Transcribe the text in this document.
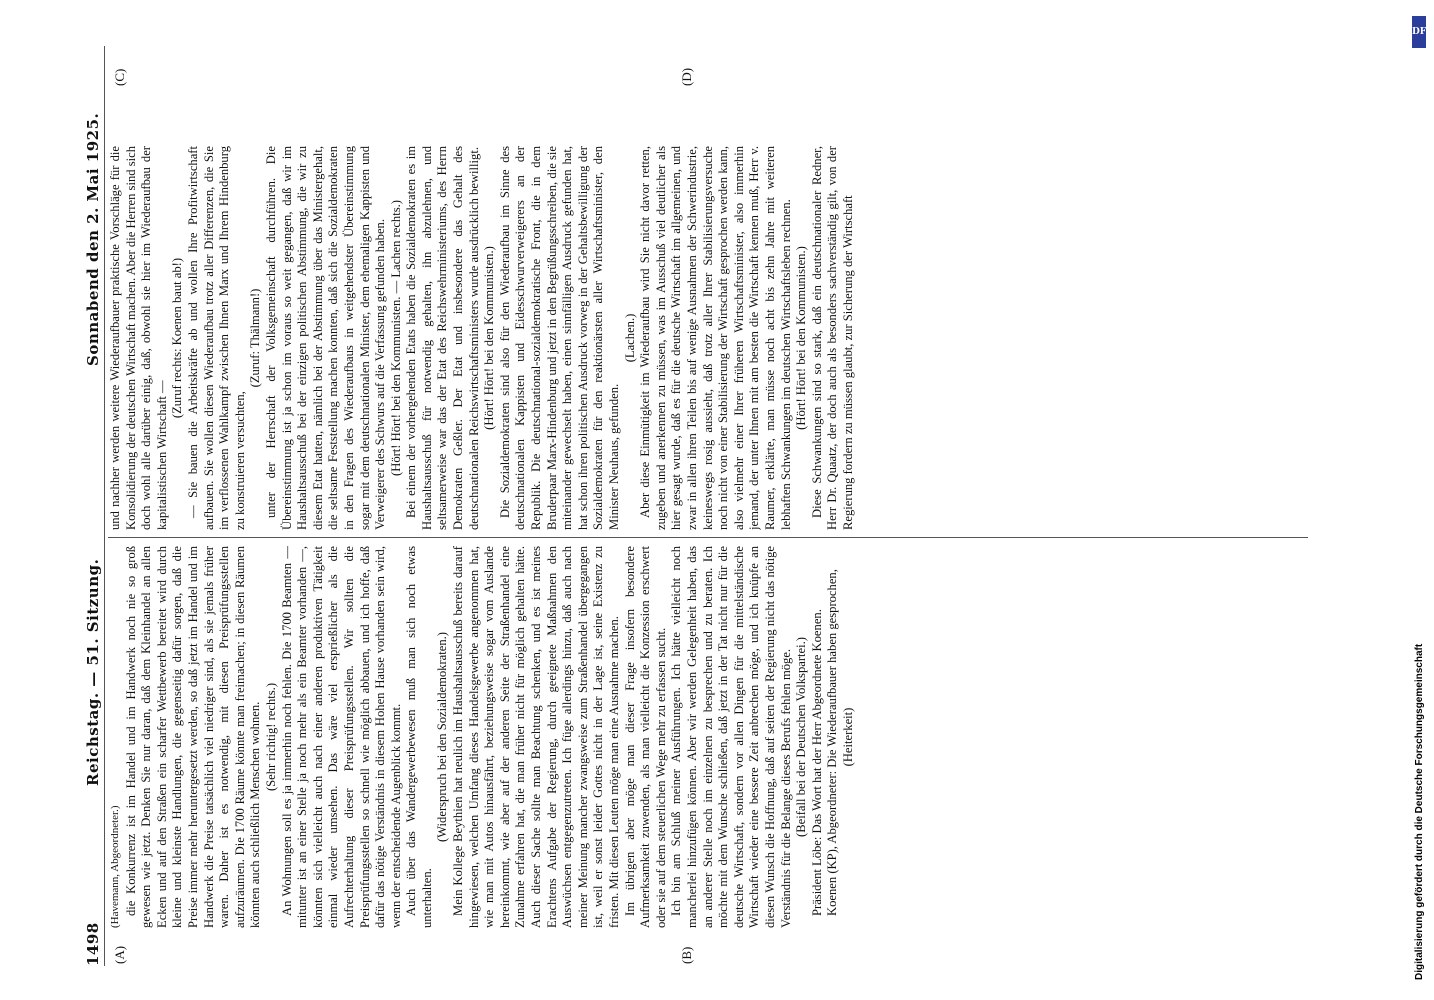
1498
Reichstag. — 51. Sitzung.
Sonnabend den 2. Mai 1925.
(A)	(B)
(C)	(D)

(Havemann, Abgeordneter.) die Konkurrenz ist im Handel und im Handwerk noch nie so groß gewesen wie jetzt. Denken Sie nur daran, daß dem Kleinhandel an allen Ecken und auf den Straßen ein scharfer Wettbewerb bereitet wird durch kleine und kleinste Handlungen, die gegenseitig dafür sorgen, daß die Preise immer mehr heruntergesetzt werden, so daß jetzt im Handel und im Handwerk die Preise tatsächlich viel niedriger sind, als sie jemals früher waren. Daher ist es notwendig, mit diesen Preisprüfungsstellen aufzuräumen. Die 1700 Räume könnte man freimachen; in diesen Räumen könnten auch schließlich Menschen wohnen. (Sehr richtig! rechts.) An Wohnungen soll es ja immerhin noch fehlen. Die 1700 Beamten — mitunter ist an einer Stelle ja noch mehr als ein Beamter vorhanden —, könnten sich vielleicht auch nach einer anderen produktiven Tätigkeit einmal wieder umsehen. Das wäre viel ersprießlicher als die Aufrechterhaltung dieser Preisprüfungsstellen. Wir sollten die Preisprüfungsstellen so schnell wie möglich abbauen, und ich hoffe, daß dafür das nötige Verständnis in diesem Hohen Hause vorhanden sein wird, wenn der entscheidende Augenblick kommt. Auch über das Wandergewerbewesen muß man sich noch etwas unterhalten.

(Widerspruch bei den Sozialdemokraten.) Mein Kollege Beythien hat neulich im Haushaltsausschuß bereits darauf hingewiesen, welchen Umfang dieses Handelsgewerbe angenommen hat, wie man mit Autos hinausfährt, beziehungsweise sogar vom Auslande hereinkommt, wie aber auf der anderen Seite der Straßenhandel eine Zunahme erfahren hat, die man früher nicht für möglich gehalten hätte. Auch dieser Sache sollte man Beachtung schenken, und es ist meines Erachtens Aufgabe der Regierung, durch geeignete Maßnahmen den Auswüchsen entgegenzutreten. Ich füge allerdings hinzu, daß auch nach meiner Meinung mancher zwangsweise zum Straßenhandel übergegangen ist, weil er sonst leider Gottes nicht in der Lage ist, seine Existenz zu fristen. Mit diesen Leuten möge man eine Ausnahme machen. Im übrigen aber möge man dieser Frage insofern besondere Aufmerksamkeit zuwenden, als man vielleicht die Konzession erschwert oder sie auf dem steuerlichen Wege mehr zu erfassen sucht. Ich bin am Schluß meiner Ausführungen. Ich hätte vielleicht noch mancherlei hinzufügen können. Aber wir werden Gelegenheit haben, das an anderer Stelle noch im einzelnen zu besprechen und zu beraten. Ich möchte mit dem Wunsche schließen, daß jetzt in der Tat nicht nur für die deutsche Wirtschaft, sondern vor allen Dingen für die mittelständische Wirtschaft wieder eine bessere Zeit anbrechen möge, und ich knüpfe an diesen Wunsch die Hoffnung, daß auf seiten der Regierung nicht das nötige Verständnis für die Belange dieses Berufs fehlen möge. (Beifall bei der Deutschen Volkspartei.) Präsident Löbe: Das Wort hat der Herr Abgeordnete Koenen. Koenen (KP), Abgeordneter: Die Wiederaufbauer haben gesprochen, (Heiterkeit)

und nachher werden weitere Wiederaufbauer praktische Vorschläge für die Konsolidierung der deutschen Wirtschaft machen. Aber die Herren sind sich doch wohl alle darüber einig, daß, obwohl sie hier im Wiederaufbau der kapitalistischen Wirtschaft —

(Zuruf rechts: Koenen baut ab!) — Sie bauen die Arbeitskräfte ab und wollen Ihre Profitwirtschaft aufbauen. Sie wollen diesen Wiederaufbau trotz aller Differenzen, die Sie im verflossenen Wahlkampf zwischen Ihnen Marx und Ihrem Hindenburg zu konstruieren versuchten,

(Zuruf: Thälmann!) unter der Herrschaft der Volksgemeinschaft durchführen. Die Übereinstimmung ist ja schon im voraus so weit gegangen, daß wir im Haushaltsausschuß bei der einzigen politischen Abstimmung, die wir zu diesem Etat hatten, nämlich bei der Abstimmung über das Ministergehalt, die seltsame Feststellung machen konnten, daß sich die Sozialdemokraten in den Fragen des Wiederaufbaus in weitgehendster Übereinstimmung sogar mit dem deutschnationalen Minister, dem ehemaligen Kappisten und Verweigerer des Schwurs auf die Verfassung gefunden haben. (Hört! Hört! bei den Kommunisten. — Lachen rechts.) Bei einem der vorhergehenden Etats haben die Sozialdemokraten es im Haushaltsausschuß für notwendig gehalten, ihn abzulehnen, und seltsamerweise war das der Etat des Reichswehrministeriums, des Herrn Demokraten Geßler. Der Etat und insbesondere das Gehalt des deutschnationalen Reichswirtschaftsministers wurde ausdrücklich bewilligt. (Hört! Hört! bei den Kommunisten.) Die Sozialdemokraten sind also für den Wiederaufbau im Sinne des deutschnationalen Kappisten und Eidesschwurverweigerers an der Republik. Die deutschnational-sozialdemokratische Front, die in dem Bruderpaar Marx-Hindenburg und jetzt in den Begrüßungsschreiben, die sie miteinander gewechselt haben, einen sinnfälligen Ausdruck gefunden hat, hat schon ihren politischen Ausdruck vorweg in der Gehaltsbewilligung der Sozialdemokraten für den reaktionärsten aller Wirtschaftsminister, den Minister Neuhaus, gefunden.

(Lachen.) Aber diese Einmütigkeit im Wiederaufbau wird Sie nicht davor retten, zugeben und anerkennen zu müssen, was im Ausschuß viel deutlicher als hier gesagt wurde, daß es für die deutsche Wirtschaft im allgemeinen, und zwar in allen ihren Teilen bis auf wenige Ausnahmen der Schwerindustrie, keineswegs rosig aussieht, daß trotz aller Ihrer Stabilisierungsversuche noch nicht von einer Stabilisierung der Wirtschaft gesprochen werden kann, also vielmehr einer Ihrer früheren Wirtschaftsminister, also immerhin jemand, der unter Ihnen mit am besten die Wirtschaft kennen muß, Herr v. Raumer, erklärte, man müsse noch acht bis zehn Jahre mit weiteren lebhaften Schwankungen im deutschen Wirtschaftsleben rechnen. (Hört! Hört! bei den Kommunisten.) Diese Schwankungen sind so stark, daß ein deutschnationaler Redner, Herr Dr. Quaatz, der doch auch als besonders sachverständig gilt, von der Regierung fordern zu müssen glaubt, zur Sicherung der Wirtschaft

DFG
Digitalisierung gefördert durch die Deutsche Forschungsgemeinschaft
